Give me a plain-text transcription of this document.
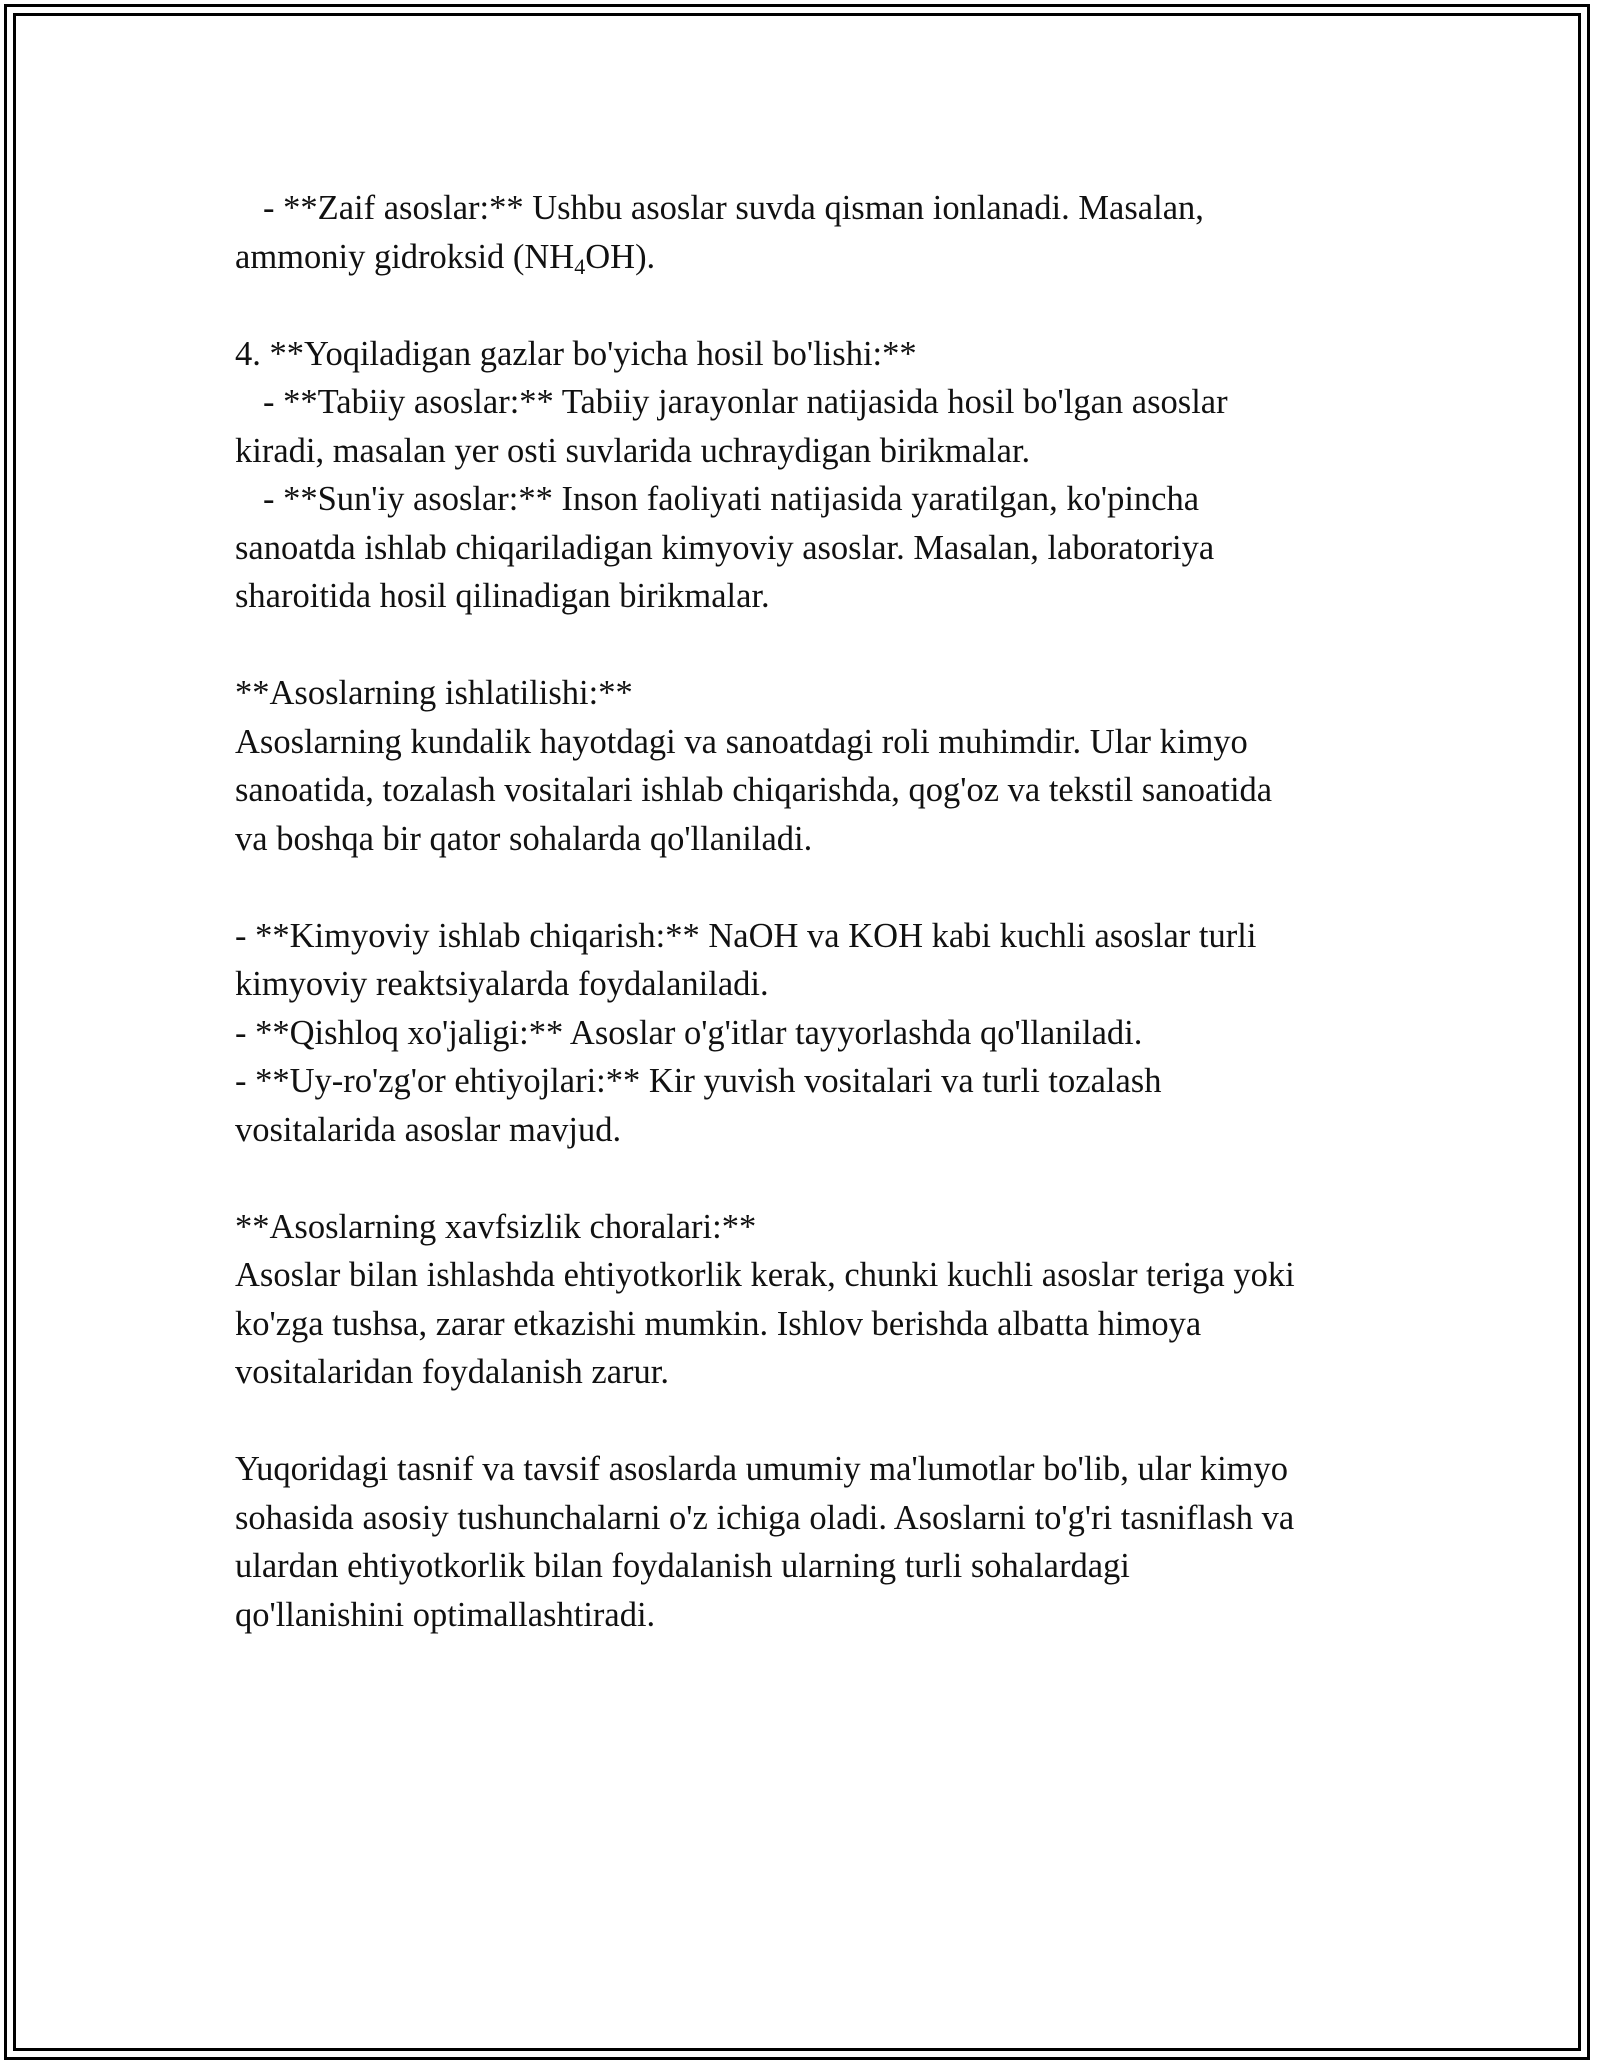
- **Zaif asoslar:** Ushbu asoslar suvda qisman ionlanadi. Masalan,
ammoniy gidroksid $(NH_4OH)$.
4. **Yoqiladigan gazlar bo'yicha hosil bo'lishi:**
- **Tabiiy asoslar:** Tabiiy jarayonlar natijasida hosil bo'lgan asoslar
kiradi, masalan yer osti suvlarida uchraydigan birikmalar.
- **Sun'iy asoslar:** Inson faoliyati natijasida yaratilgan, ko'pincha
sanoatda ishlab chiqariladigan kimyoviy asoslar. Masalan, laboratoriya
sharoitida hosil qilinadigan birikmalar.
**Asoslarning ishlatilishi:**
Asoslarning kundalik hayotdagi va sanoatdagi roli muhimdir. Ular kimyo
sanoatida, tozalash vositalari ishlab chiqarishda, qog'oz va tekstil sanoatida
va boshqa bir qator sohalarda qo'llaniladi.
- **Kimyoviy ishlab chiqarish:** NaOH va KOH kabi kuchli asoslar turli
kimyoviy reaktsiyalarda foydalaniladi.
- **Qishloq xo'jaligi:** Asoslar o'g'itlar tayyorlashda qo'llaniladi.
- **Uy-ro'zg'or ehtiyojlari:** Kir yuvish vositalari va turli tozalash
vositalarida asoslar mavjud.
**Asoslarning xavfsizlik choralari:**
Asoslar bilan ishlashda ehtiyotkorlik kerak, chunki kuchli asoslar teriga yoki
ko'zga tushsa, zarar etkazishi mumkin. Ishlov berishda albatta himoya
vositalaridan foydalanish zarur.
Yuqoridagi tasnif va tavsif asoslarda umumiy ma'lumotlar bo'lib, ular kimyo
sohasida asosiy tushunchalarni o'z ichiga oladi. Asoslarni to'g'ri tasniflash va
ulardan ehtiyotkorlik bilan foydalanish ularning turli sohalardagi
qo'llanishini optimallashtiradi.
